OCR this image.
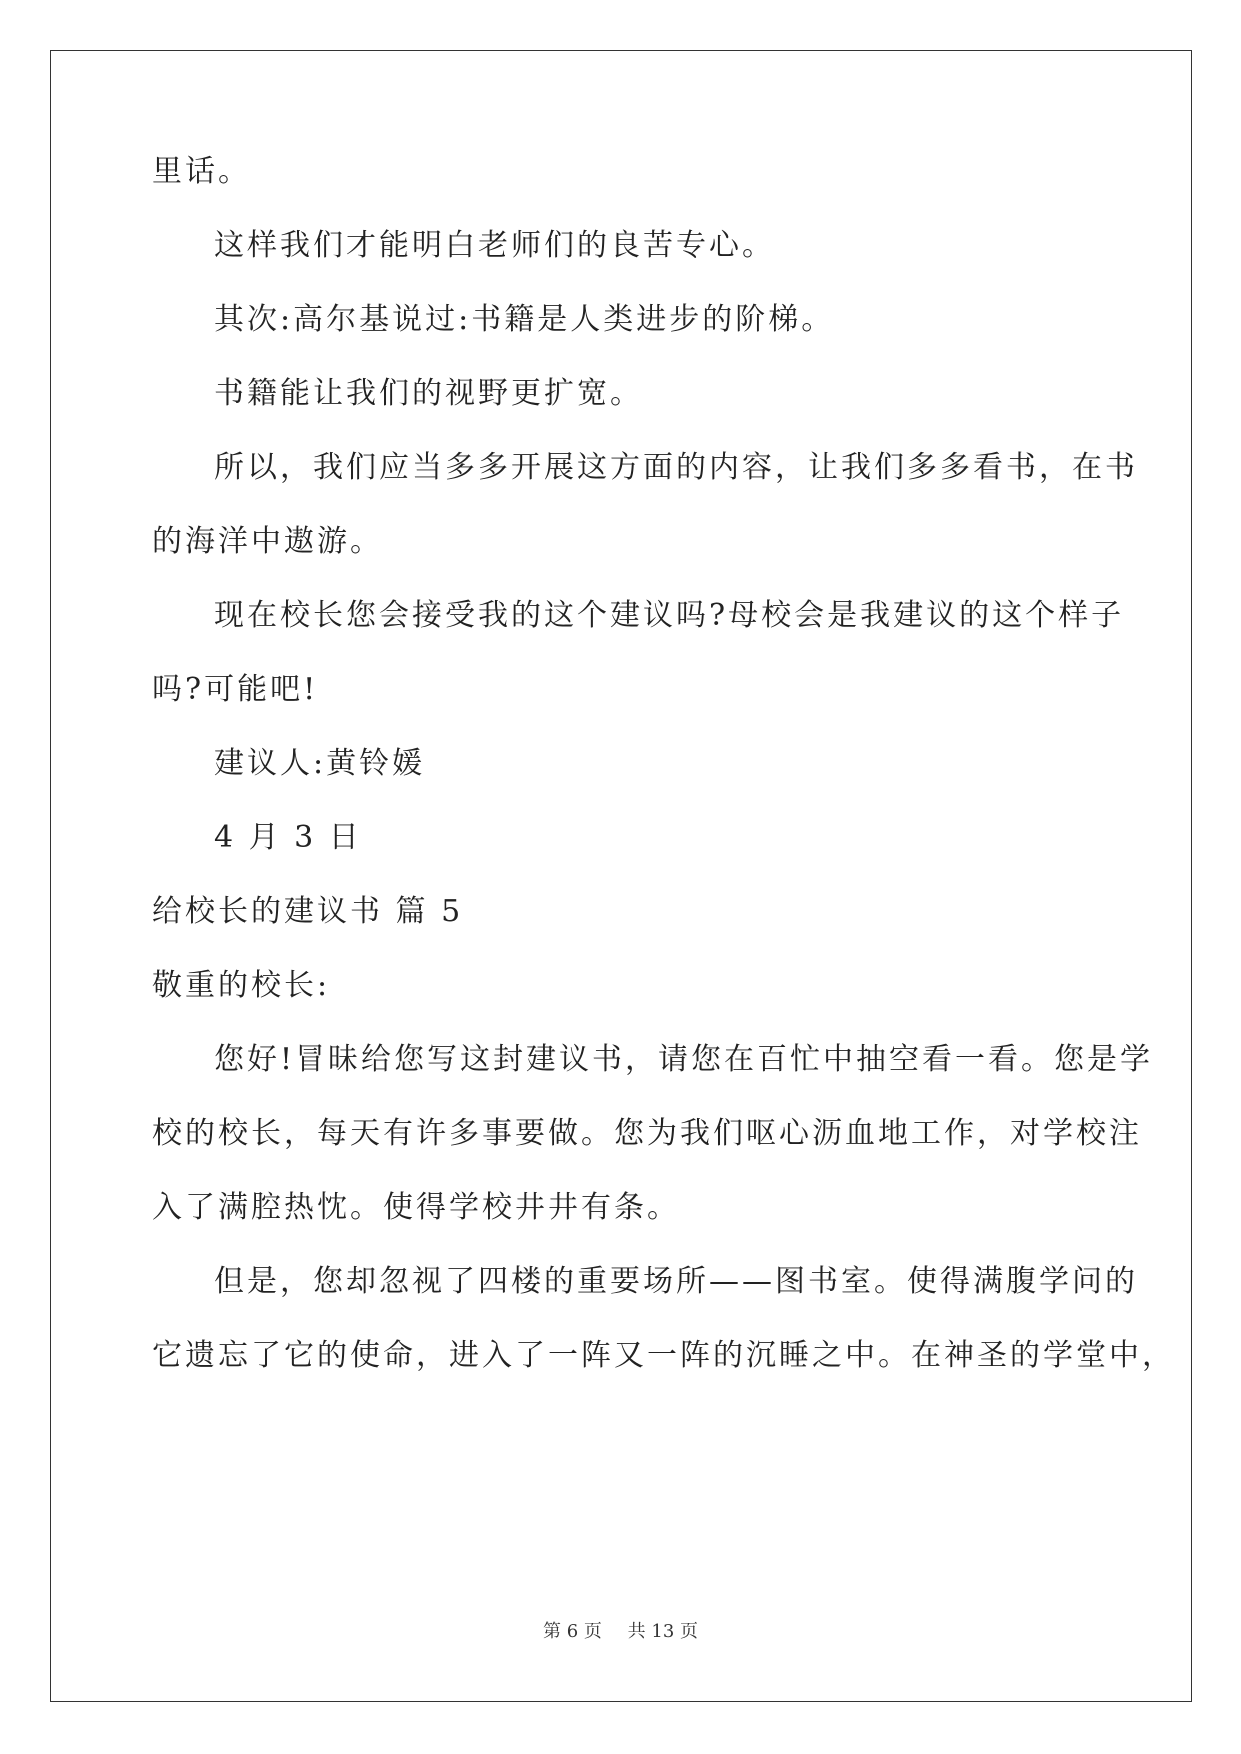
里话。
这样我们才能明白老师们的良苦专心。
其次:高尔基说过:书籍是人类进步的阶梯。
书籍能让我们的视野更扩宽。
所以，我们应当多多开展这方面的内容，让我们多多看书，在书
的海洋中遨游。
现在校长您会接受我的这个建议吗?母校会是我建议的这个样子
吗?可能吧!
建议人:黄铃媛
4 月 3 日
给校长的建议书 篇 5
敬重的校长:
您好!冒昧给您写这封建议书，请您在百忙中抽空看一看。您是学
校的校长，每天有许多事要做。您为我们呕心沥血地工作，对学校注
入了满腔热忱。使得学校井井有条。
但是，您却忽视了四楼的重要场所——图书室。使得满腹学问的
它遗忘了它的使命，进入了一阵又一阵的沉睡之中。在神圣的学堂中，
第 6 页 共 13 页
